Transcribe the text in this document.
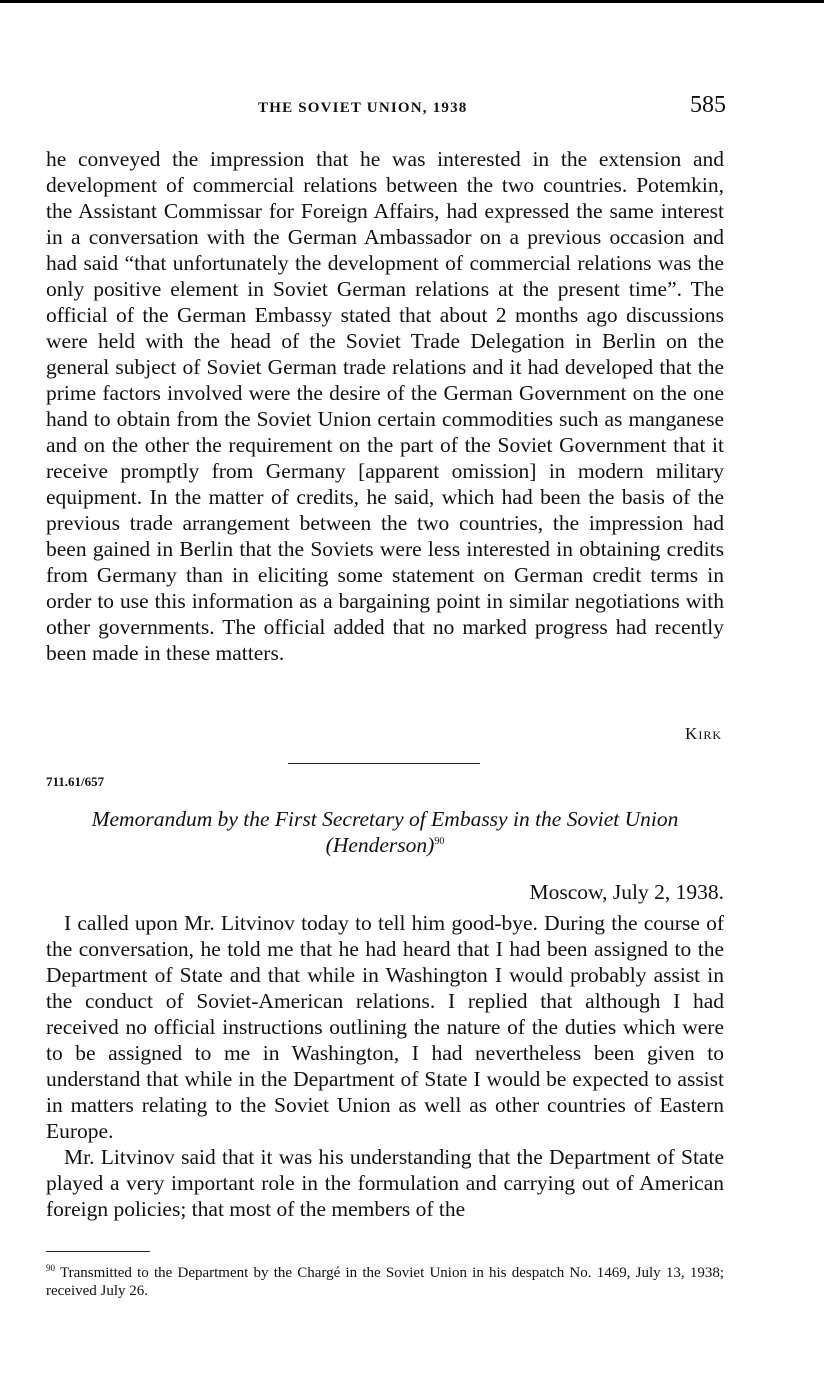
THE SOVIET UNION, 1938	585

he conveyed the impression that he was interested in the extension and development of commercial relations between the two countries. Potemkin, the Assistant Commissar for Foreign Affairs, had expressed the same interest in a conversation with the German Ambassador on a previous occasion and had said “that unfortunately the development of commercial relations was the only positive element in Soviet German relations at the present time”. The official of the German Embassy stated that about 2 months ago discussions were held with the head of the Soviet Trade Delegation in Berlin on the general subject of Soviet German trade relations and it had developed that the prime factors involved were the desire of the German Government on the one hand to obtain from the Soviet Union certain commodities such as manganese and on the other the requirement on the part of the Soviet Government that it receive promptly from Germany [apparent omission] in modern military equipment. In the matter of credits, he said, which had been the basis of the previous trade arrangement between the two countries, the impression had been gained in Berlin that the Soviets were less interested in obtaining credits from Germany than in eliciting some statement on German credit terms in order to use this information as a bargaining point in similar negotiations with other governments. The official added that no marked progress had recently been made in these matters.

Kirk
711.61/657
Memorandum by the First Secretary of Embassy in the Soviet Union
(Henderson)$^{90}$
Moscow, July 2, 1938.

I called upon Mr. Litvinov today to tell him good-bye. During the course of the conversation, he told me that he had heard that I had been assigned to the Department of State and that while in Washington I would probably assist in the conduct of Soviet-American relations. I replied that although I had received no official instructions outlining the nature of the duties which were to be assigned to me in Washington, I had nevertheless been given to understand that while in the Department of State I would be expected to assist in matters relating to the Soviet Union as well as other countries of Eastern Europe.

Mr. Litvinov said that it was his understanding that the Department of State played a very important role in the formulation and carrying out of American foreign policies; that most of the members of the

$^{90}$ Transmitted to the Department by the Chargé in the Soviet Union in his despatch No. 1469, July 13, 1938; received July 26.
